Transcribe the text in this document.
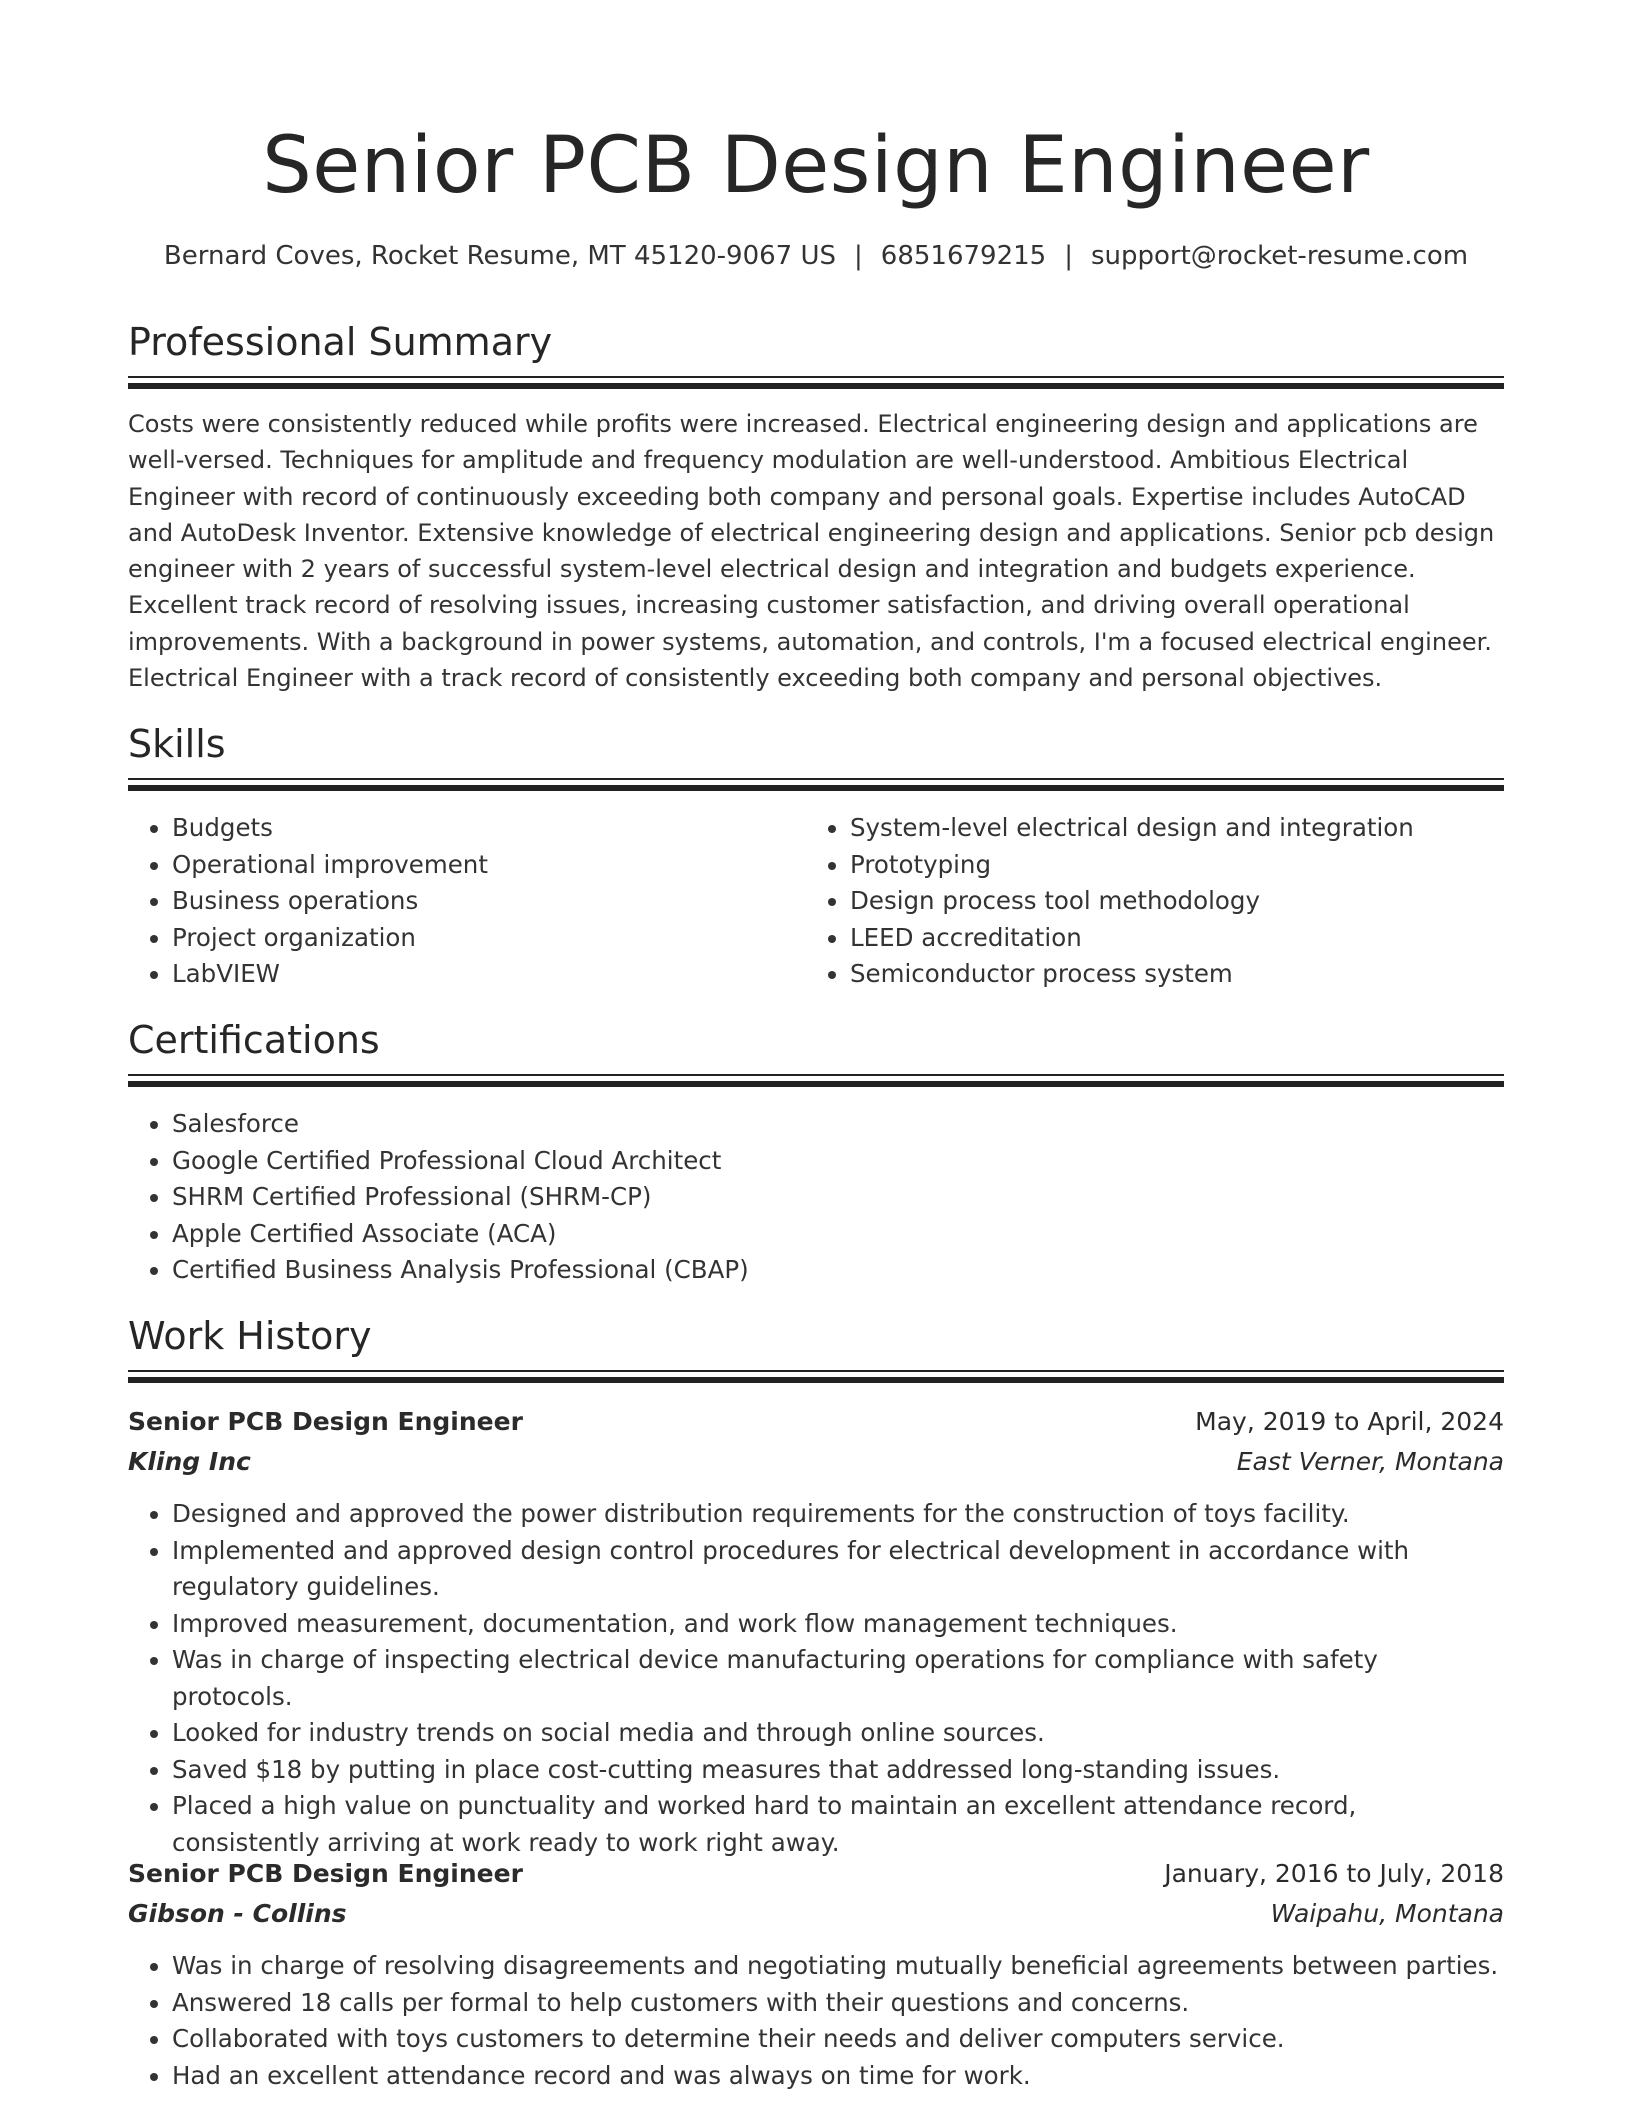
Senior PCB Design Engineer
Bernard Coves, Rocket Resume, MT 45120-9067 US | 6851679215 | support@rocket-resume.com
Professional Summary

Costs were consistently reduced while profits were increased. Electrical engineering design and applications are well-versed. Techniques for amplitude and frequency modulation are well-understood. Ambitious Electrical Engineer with record of continuously exceeding both company and personal goals. Expertise includes AutoCAD and AutoDesk Inventor. Extensive knowledge of electrical engineering design and applications. Senior pcb design engineer with 2 years of successful system-level electrical design and integration and budgets experience. Excellent track record of resolving issues, increasing customer satisfaction, and driving overall operational improvements. With a background in power systems, automation, and controls, I'm a focused electrical engineer. Electrical Engineer with a track record of consistently exceeding both company and personal objectives.

Skills
• Budgets
• Operational improvement
• Business operations
• Project organization
• LabVIEW
• System-level electrical design and integration
• Prototyping
• Design process tool methodology
• LEED accreditation
• Semiconductor process system
Certifications
• Salesforce
• Google Certified Professional Cloud Architect
• SHRM Certified Professional (SHRM-CP)
• Apple Certified Associate (ACA)
• Certified Business Analysis Professional (CBAP)
Work History
Senior PCB Design Engineer	May, 2019 to April, 2024
Kling Inc	East Verner, Montana
• Designed and approved the power distribution requirements for the construction of toys facility.
• Implemented and approved design control procedures for electrical development in accordance with regulatory guidelines.
• Improved measurement, documentation, and work flow management techniques.
• Was in charge of inspecting electrical device manufacturing operations for compliance with safety protocols.
• Looked for industry trends on social media and through online sources.
• Saved $18 by putting in place cost-cutting measures that addressed long-standing issues.
• Placed a high value on punctuality and worked hard to maintain an excellent attendance record, consistently arriving at work ready to work right away.
Senior PCB Design Engineer	January, 2016 to July, 2018
Gibson - Collins	Waipahu, Montana
• Was in charge of resolving disagreements and negotiating mutually beneficial agreements between parties.
• Answered 18 calls per formal to help customers with their questions and concerns.
• Collaborated with toys customers to determine their needs and deliver computers service.
• Had an excellent attendance record and was always on time for work.
